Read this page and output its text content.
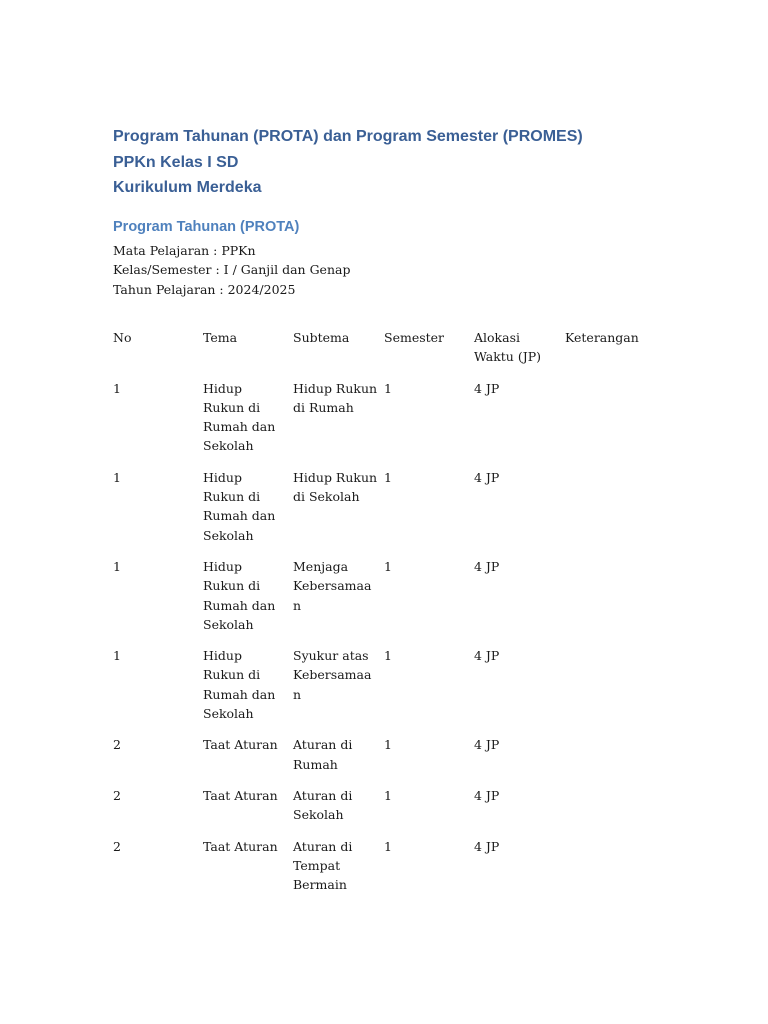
Program Tahunan (PROTA) dan Program Semester (PROMES)

PPKn Kelas I SD

Kurikulum Merdeka

Program Tahunan (PROTA)

Mata Pelajaran : PPKn

Kelas/Semester : I / Ganjil dan Genap

Tahun Pelajaran : 2024/2025

No	Tema	Subtema	Semester	Alokasi Waktu (JP)	Keterangan
1	Hidup Rukun di Rumah dan Sekolah	Hidup Rukun di Rumah	1	4 JP	
1	Hidup Rukun di Rumah dan Sekolah	Hidup Rukun di Sekolah	1	4 JP	
1	Hidup Rukun di Rumah dan Sekolah	Menjaga Kebersamaan	1	4 JP	
1	Hidup Rukun di Rumah dan Sekolah	Syukur atas Kebersamaan	1	4 JP	
2	Taat Aturan	Aturan di Rumah	1	4 JP	
2	Taat Aturan	Aturan di Sekolah	1	4 JP	
2	Taat Aturan	Aturan di Tempat Bermain	1	4 JP	
